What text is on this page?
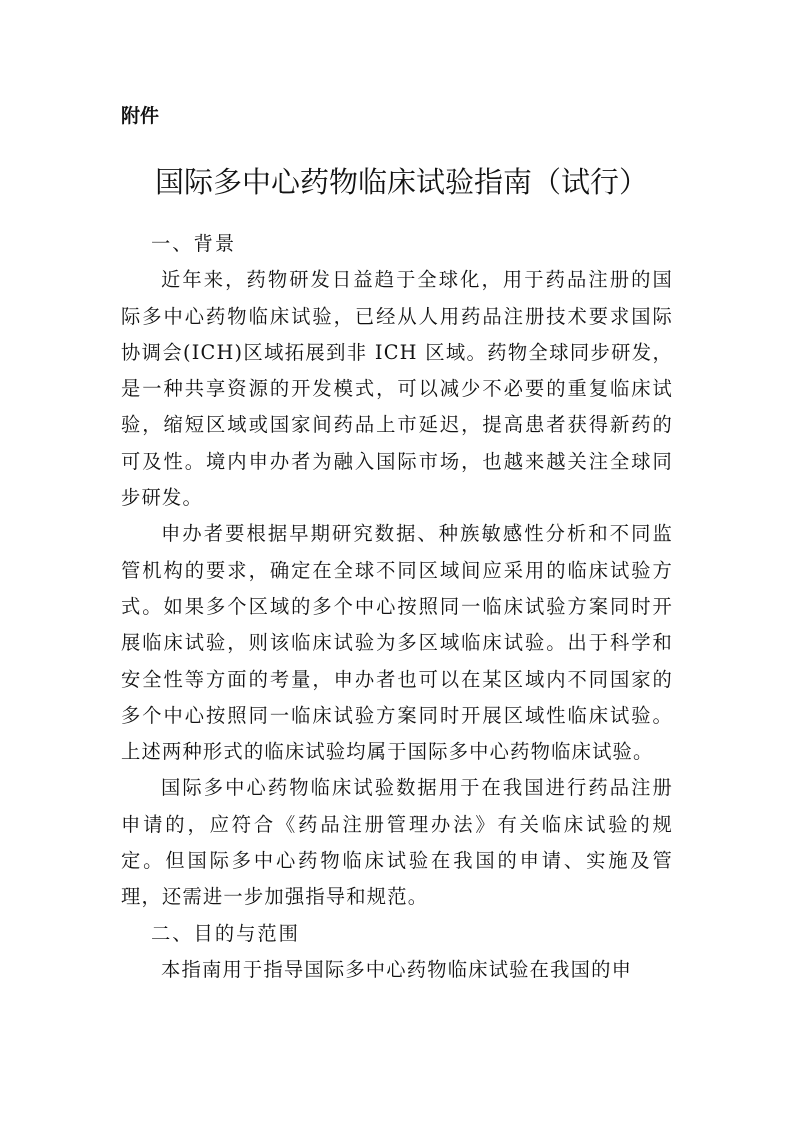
附件
国际多中心药物临床试验指南（试行）
一、背景

近年来，药物研发日益趋于全球化，用于药品注册的国际多中心药物临床试验，已经从人用药品注册技术要求国际协调会(ICH)区域拓展到非 ICH 区域。药物全球同步研发，是一种共享资源的开发模式，可以减少不必要的重复临床试验，缩短区域或国家间药品上市延迟，提高患者获得新药的可及性。境内申办者为融入国际市场，也越来越关注全球同步研发。

申办者要根据早期研究数据、种族敏感性分析和不同监管机构的要求，确定在全球不同区域间应采用的临床试验方式。如果多个区域的多个中心按照同一临床试验方案同时开展临床试验，则该临床试验为多区域临床试验。出于科学和安全性等方面的考量，申办者也可以在某区域内不同国家的多个中心按照同一临床试验方案同时开展区域性临床试验。上述两种形式的临床试验均属于国际多中心药物临床试验。

国际多中心药物临床试验数据用于在我国进行药品注册申请的，应符合《药品注册管理办法》有关临床试验的规定。但国际多中心药物临床试验在我国的申请、实施及管理，还需进一步加强指导和规范。

二、目的与范围

本指南用于指导国际多中心药物临床试验在我国的申
